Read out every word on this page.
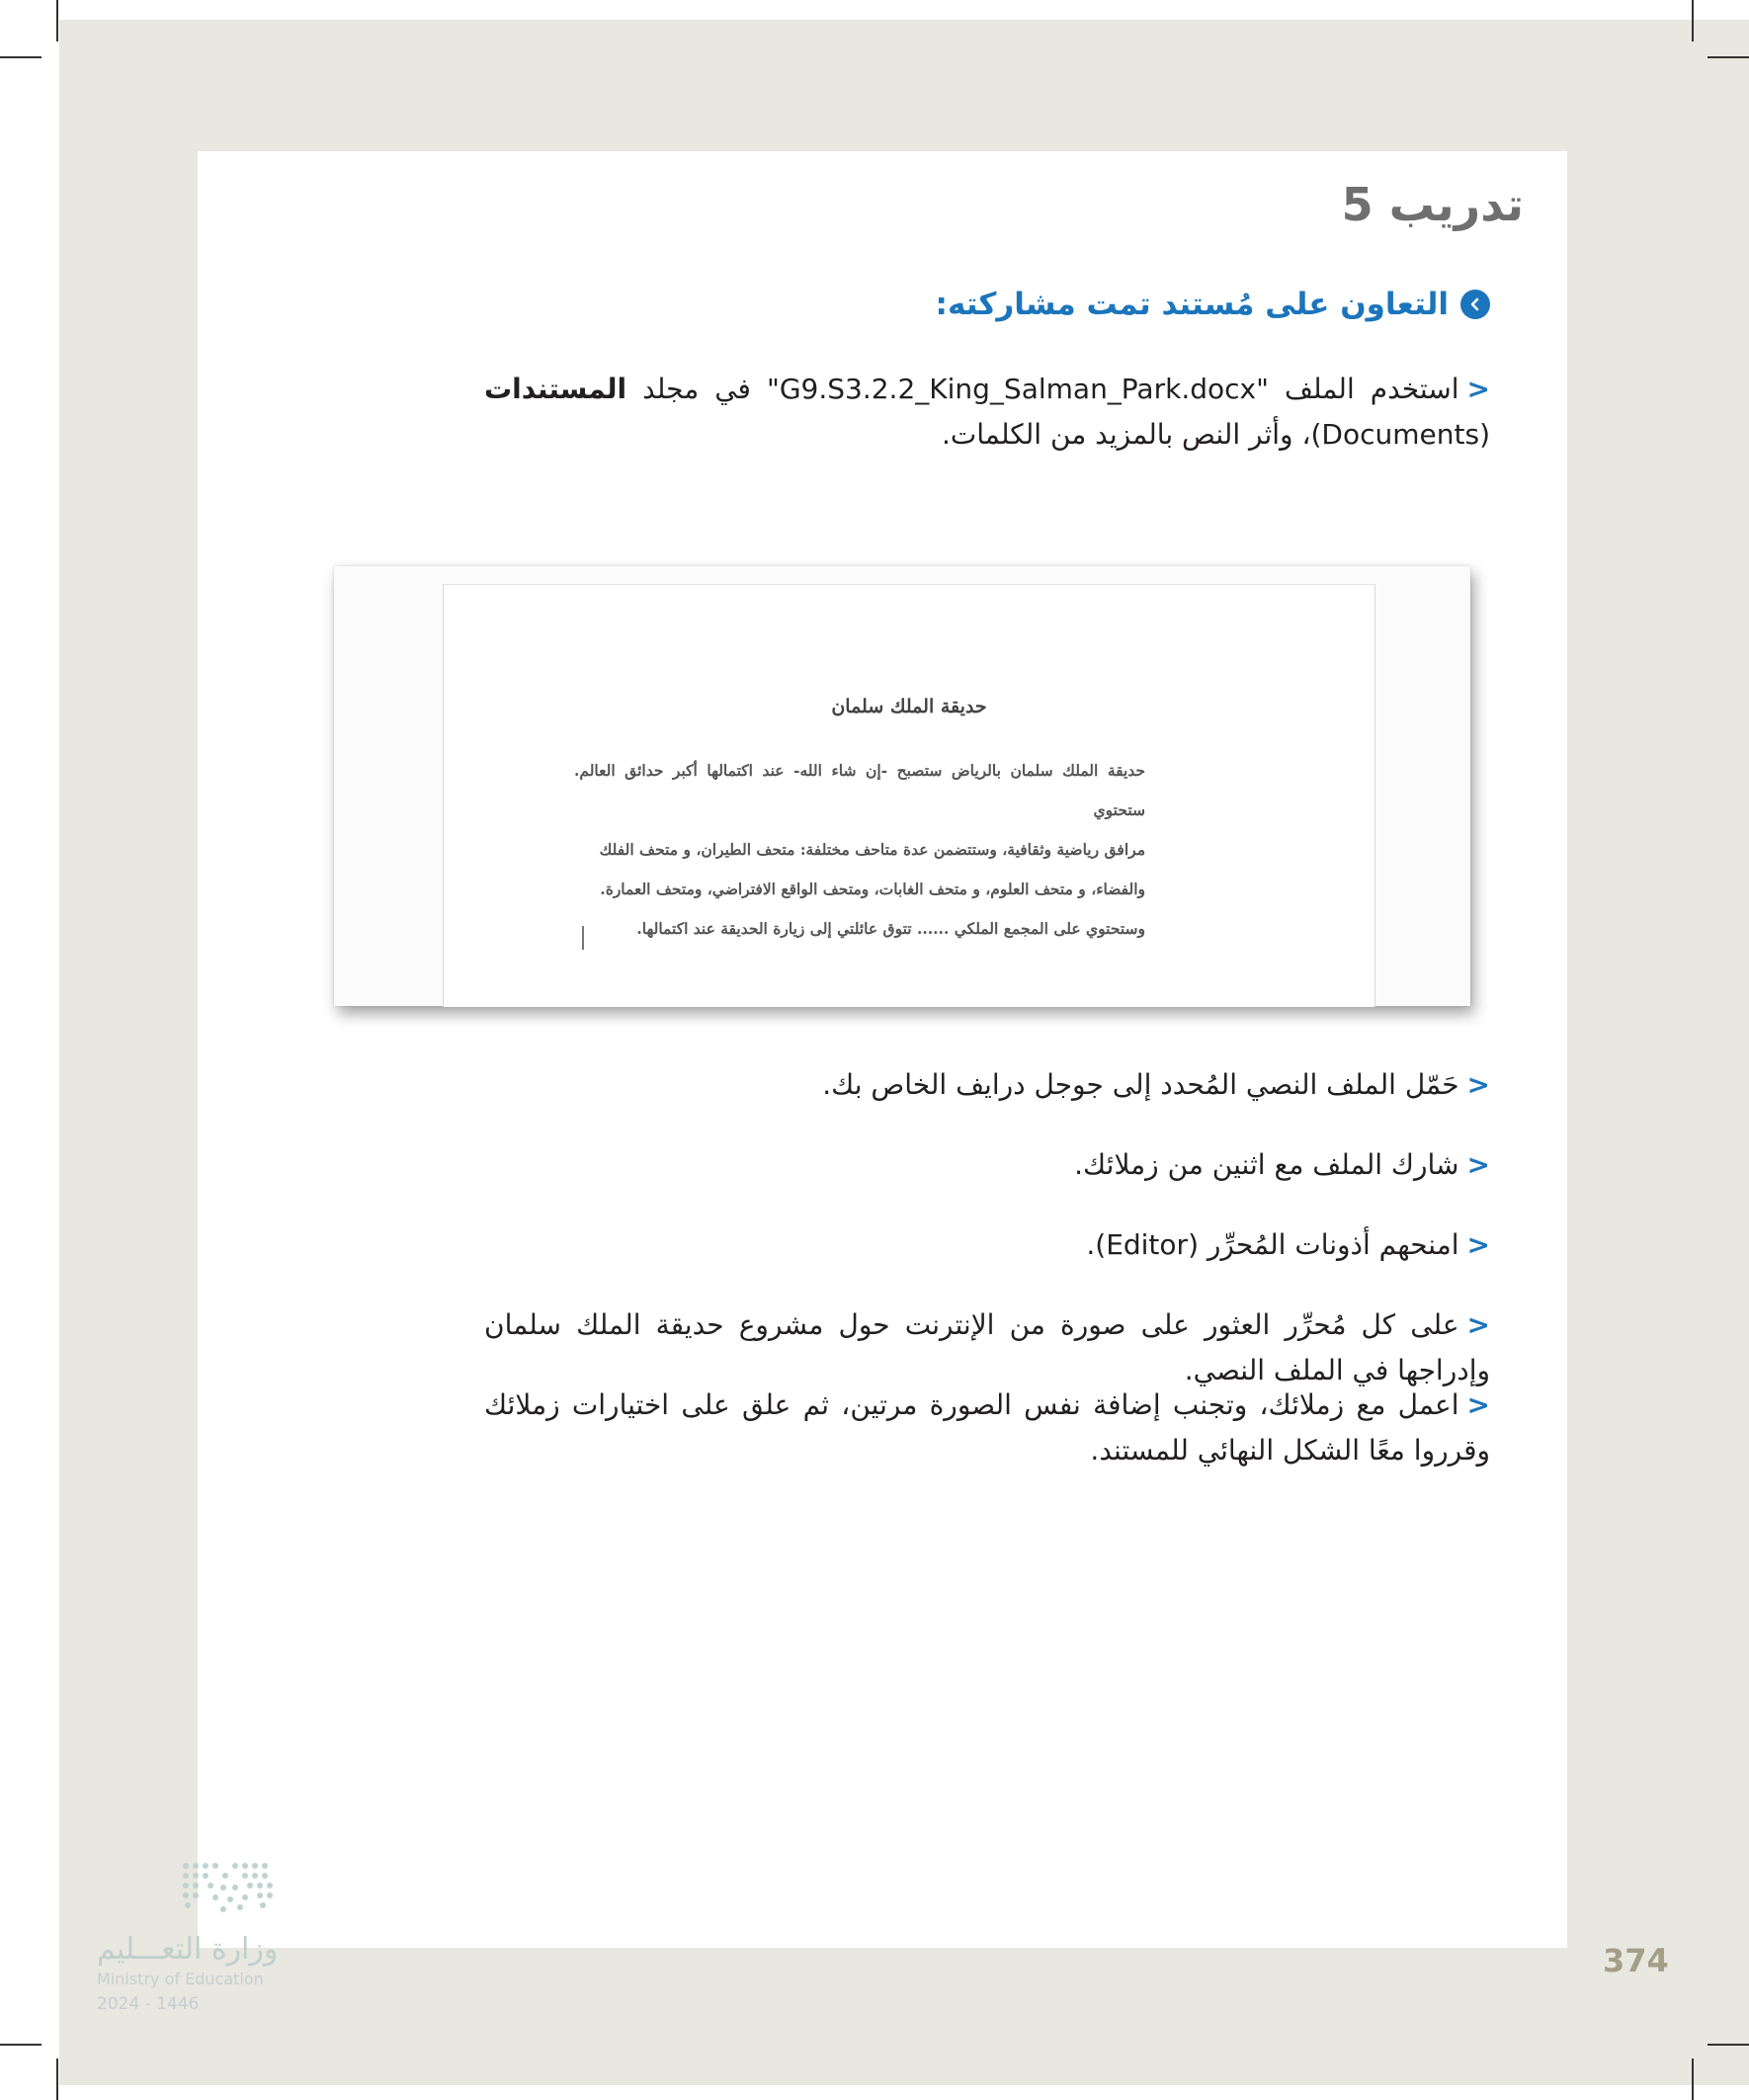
تدريب 5
التعاون على مُستند تمت مشاركته:
<استخدم الملف "G9.S3.2.2_King_Salman_Park.docx" في مجلد المستندات (Documents)، وأثر النص بالمزيد من الكلمات.
حديقة الملك سلمان
حديقة الملك سلمان بالرياض ستصبح -إن شاء الله- عند اكتمالها أكبر حدائق العالم. ستحتوي
مرافق رياضية وثقافية، وستتضمن عدة متاحف مختلفة: متحف الطيران، و متحف الفلك
والفضاء، و متحف العلوم، و متحف الغابات، ومتحف الواقع الافتراضي، ومتحف العمارة.
وستحتوي على المجمع الملكي ...... تتوق عائلتي إلى زيارة الحديقة عند اكتمالها.
<حَمّل الملف النصي المُحدد إلى جوجل درايف الخاص بك.
<شارك الملف مع اثنين من زملائك.
<امنحهم أذونات المُحرِّر (Editor).
<على كل مُحرِّر العثور على صورة من الإنترنت حول مشروع حديقة الملك سلمان وإدراجها في الملف النصي.
<اعمل مع زملائك، وتجنب إضافة نفس الصورة مرتين، ثم علق على اختيارات زملائك وقرروا معًا الشكل النهائي للمستند.
وزارة التعـــليم
Ministry of Education
2024 - 1446
374
